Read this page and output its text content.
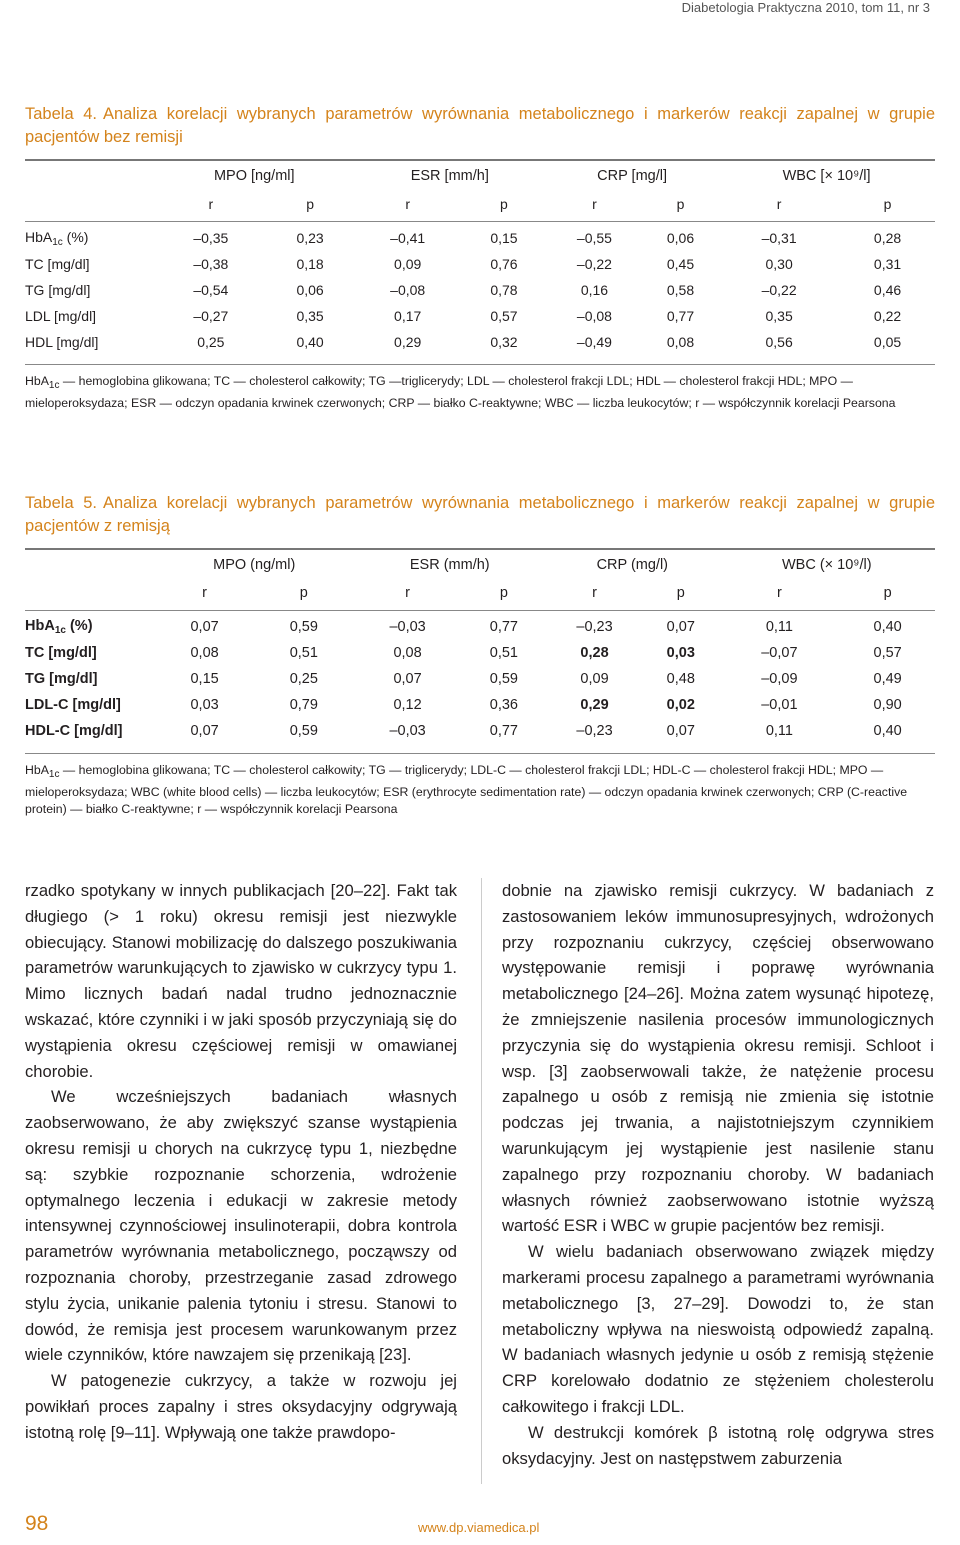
Diabetologia Praktyczna 2010, tom 11, nr 3
Tabela 4. Analiza korelacji wybranych parametrów wyrównania metabolicznego i markerów reakcji zapalnej w grupie pacjentów bez remisji
	MPO [ng/ml]		ESR [mm/h]		CRP [mg/l]		WBC [× 10⁹/l]	
	r	p	r	p	r	p	r	p

HbA$_{1c}$ (%)	–0,35	0,23	–0,41	0,15	–0,55	0,06	–0,31	0,28
TC [mg/dl]	–0,38	0,18	0,09	0,76	–0,22	0,45	0,30	0,31
TG [mg/dl]	–0,54	0,06	–0,08	0,78	0,16	0,58	–0,22	0,46
LDL [mg/dl]	–0,27	0,35	0,17	0,57	–0,08	0,77	0,35	0,22
HDL [mg/dl]	0,25	0,40	0,29	0,32	–0,49	0,08	0,56	0,05

HbA$_{1c}$ — hemoglobina glikowana; TC — cholesterol całkowity; TG —triglicerydy; LDL — cholesterol frakcji LDL; HDL — cholesterol frakcji HDL; MPO — mieloperoksydaza; ESR — odczyn opadania krwinek czerwonych; CRP — białko C-reaktywne; WBC — liczba leukocytów; r — współczynnik korelacji Pearsona
Tabela 5. Analiza korelacji wybranych parametrów wyrównania metabolicznego i markerów reakcji zapalnej w grupie pacjentów z remisją
	MPO (ng/ml)		ESR (mm/h)		CRP (mg/l)		WBC (× 10⁹/l)	
	r	p	r	p	r	p	r	p

HbA$_{1c}$ (%)	0,07	0,59	–0,03	0,77	–0,23	0,07	0,11	0,40
TC [mg/dl]	0,08	0,51	0,08	0,51	0,28	0,03	–0,07	0,57
TG [mg/dl]	0,15	0,25	0,07	0,59	0,09	0,48	–0,09	0,49
LDL-C [mg/dl]	0,03	0,79	0,12	0,36	0,29	0,02	–0,01	0,90
HDL-C [mg/dl]	0,07	0,59	–0,03	0,77	–0,23	0,07	0,11	0,40

HbA$_{1c}$ — hemoglobina glikowana; TC — cholesterol całkowity; TG — triglicerydy; LDL-C — cholesterol frakcji LDL; HDL-C — cholesterol frakcji HDL; MPO — mieloperoksydaza; WBC (white blood cells) — liczba leukocytów; ESR (erythrocyte sedimentation rate) — odczyn opadania krwinek czerwonych; CRP (C-reactive protein) — białko C-reaktywne; r — współczynnik korelacji Pearsona

rzadko spotykany w innych publikacjach [20–22]. Fakt tak długiego (> 1 roku) okresu remisji jest niezwykle obiecujący. Stanowi mobilizację do dalszego poszukiwania parametrów warunkujących to zjawisko w cukrzycy typu 1. Mimo licznych badań nadal trudno jednoznacznie wskazać, które czynniki i w jaki sposób przyczyniają się do wystąpienia okresu częściowej remisji w omawianej chorobie.

We wcześniejszych badaniach własnych zaobserwowano, że aby zwiększyć szanse wystąpienia okresu remisji u chorych na cukrzycę typu 1, niezbędne są: szybkie rozpoznanie schorzenia, wdrożenie optymalnego leczenia i edukacji w zakresie metody intensywnej czynnościowej insulinoterapii, dobra kontrola parametrów wyrównania metabolicznego, począwszy od rozpoznania choroby, przestrzeganie zasad zdrowego stylu życia, unikanie palenia tytoniu i stresu. Stanowi to dowód, że remisja jest procesem warunkowanym przez wiele czynników, które nawzajem się przenikają [23].

W patogenezie cukrzycy, a także w rozwoju jej powikłań proces zapalny i stres oksydacyjny odgrywają istotną rolę [9–11]. Wpływają one także prawdopo-

dobnie na zjawisko remisji cukrzycy. W badaniach z zastosowaniem leków immunosupresyjnych, wdrożonych przy rozpoznaniu cukrzycy, częściej obserwowano występowanie remisji i poprawę wyrównania metabolicznego [24–26]. Można zatem wysunąć hipotezę, że zmniejszenie nasilenia procesów immunologicznych przyczynia się do wystąpienia okresu remisji. Schloot i wsp. [3] zaobserwowali także, że natężenie procesu zapalnego u osób z remisją nie zmienia się istotnie podczas jej trwania, a najistotniejszym czynnikiem warunkującym jej wystąpienie jest nasilenie stanu zapalnego przy rozpoznaniu choroby. W badaniach własnych również zaobserwowano istotnie wyższą wartość ESR i WBC w grupie pacjentów bez remisji.

W wielu badaniach obserwowano związek między markerami procesu zapalnego a parametrami wyrównania metabolicznego [3, 27–29]. Dowodzi to, że stan metaboliczny wpływa na nieswoistą odpowiedź zapalną. W badaniach własnych jedynie u osób z remisją stężenie CRP korelowało dodatnio ze stężeniem cholesterolu całkowitego i frakcji LDL.

W destrukcji komórek β istotną rolę odgrywa stres oksydacyjny. Jest on następstwem zaburzenia

98	www.dp.viamedica.pl
